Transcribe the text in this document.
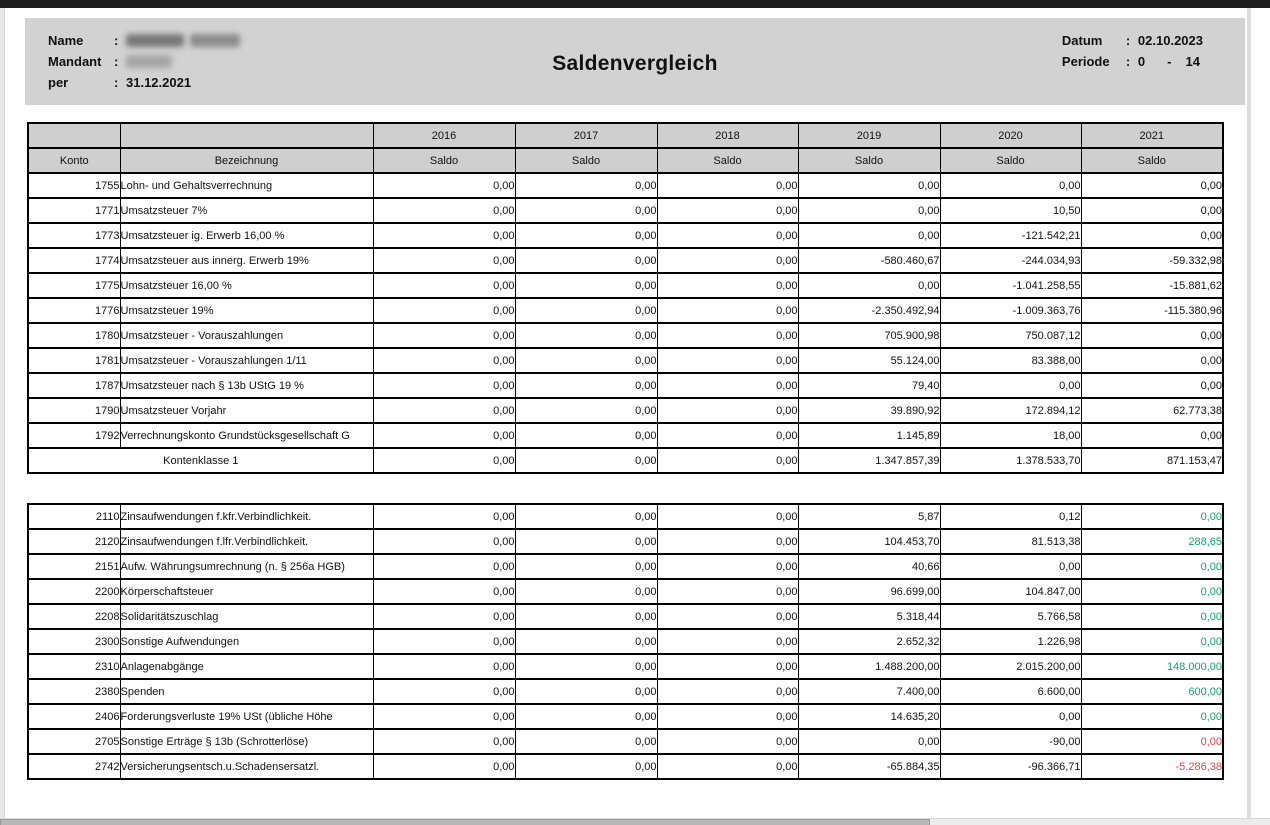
Name	:
Mandant :
per	: 31.12.2021
Saldenvergleich
Datum	: 02.10.2023
Periode	: 0 - 14
		2016	2017	2018	2019	2020	2021
Konto	Bezeichnung	Saldo	Saldo	Saldo	Saldo	Saldo	Saldo
1755	Lohn- und Gehaltsverrechnung	0,00	0,00	0,00	0,00	0,00	0,00
1771	Umsatzsteuer 7%	0,00	0,00	0,00	0,00	10,50	0,00
1773	Umsatzsteuer ig. Erwerb 16,00 %	0,00	0,00	0,00	0,00	-121.542,21	0,00
1774	Umsatzsteuer aus innerg. Erwerb 19%	0,00	0,00	0,00	-580.460,67	-244.034,93	-59.332,98
1775	Umsatzsteuer 16,00 %	0,00	0,00	0,00	0,00	-1.041.258,55	-15.881,62
1776	Umsatzsteuer 19%	0,00	0,00	0,00	-2.350.492,94	-1.009.363,76	-115.380,96
1780	Umsatzsteuer - Vorauszahlungen	0,00	0,00	0,00	705.900,98	750.087,12	0,00
1781	Umsatzsteuer - Vorauszahlungen 1/11	0,00	0,00	0,00	55.124,00	83.388,00	0,00
1787	Umsatzsteuer nach § 13b UStG 19 %	0,00	0,00	0,00	79,40	0,00	0,00
1790	Umsatzsteuer Vorjahr	0,00	0,00	0,00	39.890,92	172.894,12	62.773,38
1792	Verrechnungskonto Grundstücksgesellschaft G	0,00	0,00	0,00	1.145,89	18,00	0,00
Kontenklasse 1		0,00	0,00	0,00	1.347.857,39	1.378.533,70	871.153,47
2110	Zinsaufwendungen f.kfr.Verbindlichkeit.	0,00	0,00	0,00	5,87	0,12	0,00
2120	Zinsaufwendungen f.lfr.Verbindlichkeit.	0,00	0,00	0,00	104.453,70	81.513,38	288,65
2151	Aufw. Währungsumrechnung (n. § 256a HGB)	0,00	0,00	0,00	40,66	0,00	0,00
2200	Körperschaftsteuer	0,00	0,00	0,00	96.699,00	104.847,00	0,00
2208	Solidaritätszuschlag	0,00	0,00	0,00	5.318,44	5.766,58	0,00
2300	Sonstige Aufwendungen	0,00	0,00	0,00	2.652,32	1.226,98	0,00
2310	Anlagenabgänge	0,00	0,00	0,00	1.488.200,00	2.015.200,00	148.000,00
2380	Spenden	0,00	0,00	0,00	7.400,00	6.600,00	600,00
2406	Forderungsverluste 19% USt (übliche Höhe	0,00	0,00	0,00	14.635,20	0,00	0,00
2705	Sonstige Erträge § 13b (Schrotterlöse)	0,00	0,00	0,00	0,00	-90,00	0,00
2742	Versicherungsentsch.u.Schadensersatzl.	0,00	0,00	0,00	-65.884,35	-96.366,71	-5.286,38
